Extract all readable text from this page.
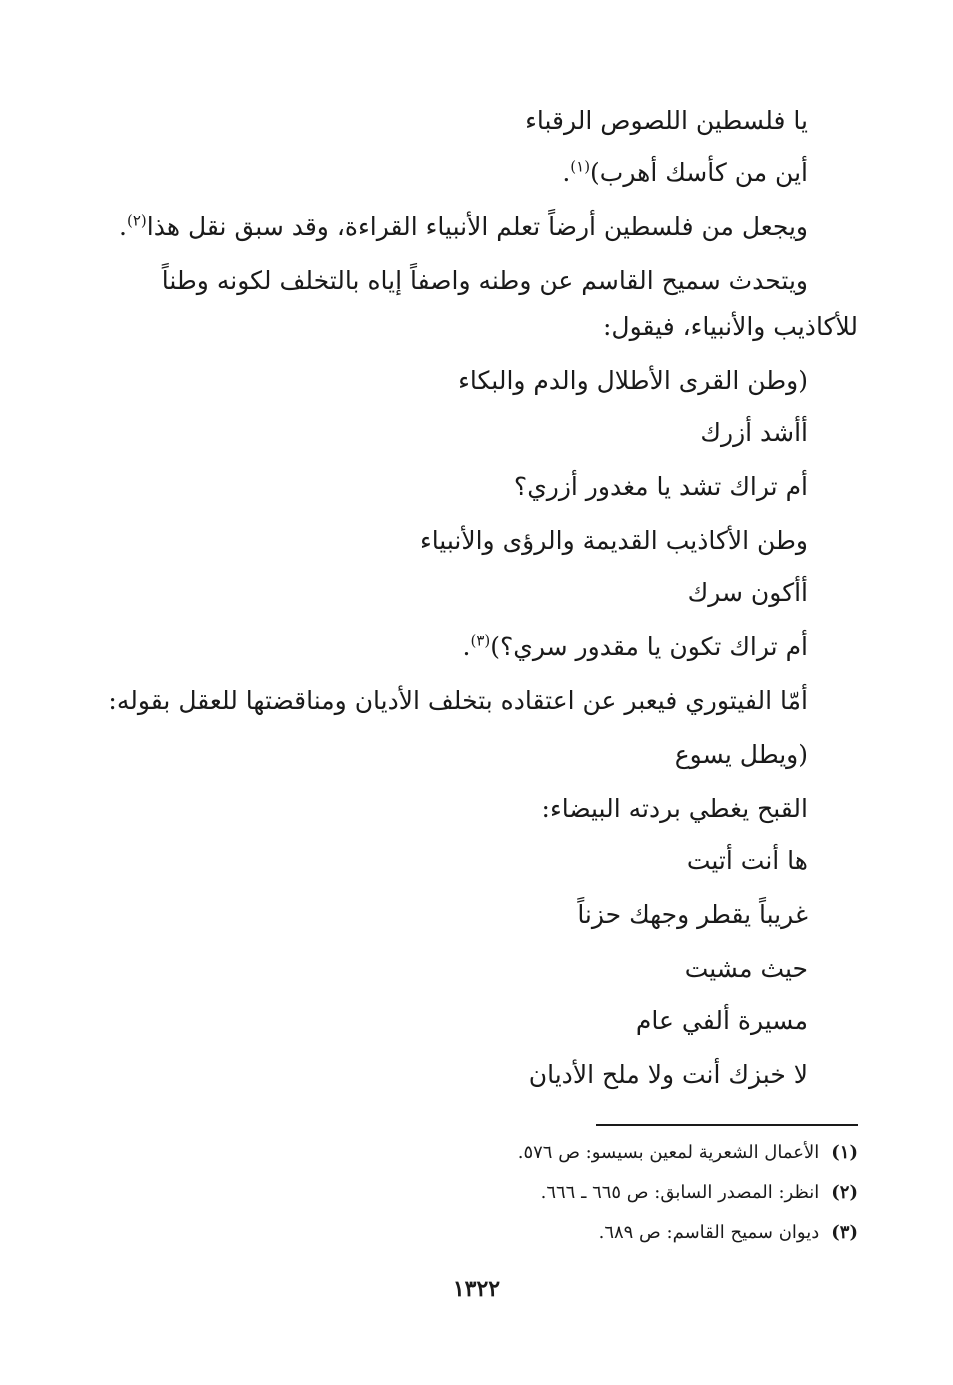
يا فلسطين اللصوص الرقباء
أين من كأسك أهرب)$^{(١)}$.
ويجعل من فلسطين أرضاً تعلم الأنبياء القراءة، وقد سبق نقل هذا$^{(٢)}$.
ويتحدث سميح القاسم عن وطنه واصفاً إياه بالتخلف لكونه وطناً
للأكاذيب والأنبياء، فيقول:
(وطن القرى الأطلال والدم والبكاء
أأشد أزرك
أم تراك تشد يا مغدور أزري؟
وطن الأكاذيب القديمة والرؤى والأنبياء
أأكون سرك
أم تراك تكون يا مقدور سري؟)$^{(٣)}$.
أمّا الفيتوري فيعبر عن اعتقاده بتخلف الأديان ومناقضتها للعقل بقوله:
(ويطل يسوع
القبح يغطي بردته البيضاء:
ها أنت أتيت
غريباً يقطر وجهك حزناً
حيث مشيت
مسيرة ألفي عام
لا خبزك أنت ولا ملح الأديان
(١)الأعمال الشعرية لمعين بسيسو: ص ٥٧٦.
(٢)انظر: المصدر السابق: ص ٦٦٥ ـ ٦٦٦.
(٣)ديوان سميح القاسم: ص ٦٨٩.
١٣٢٢
